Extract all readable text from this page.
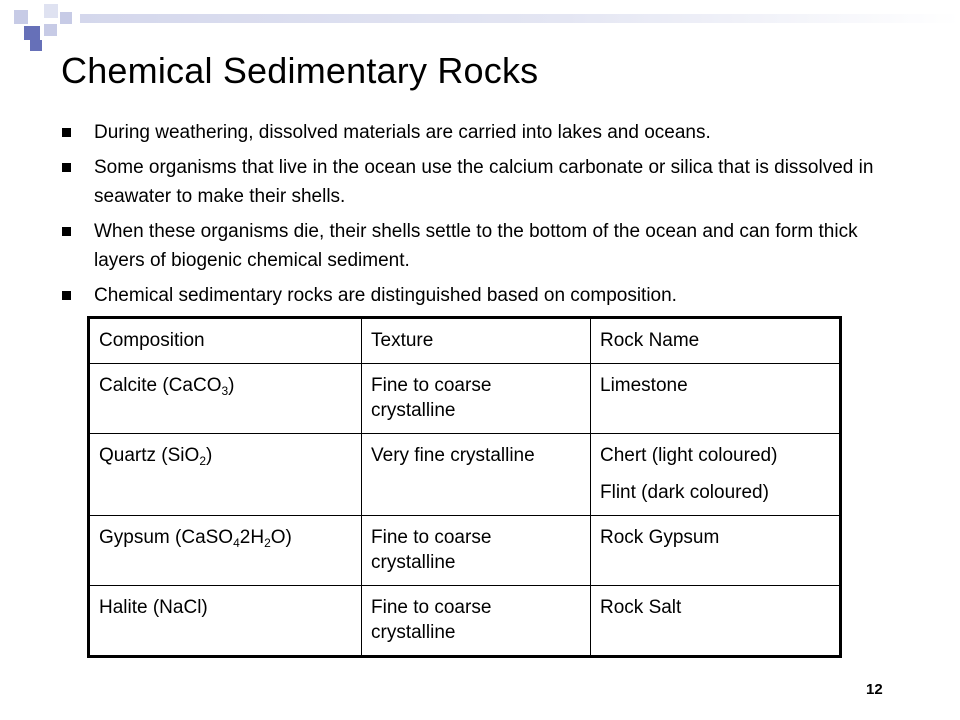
Chemical Sedimentary Rocks
During weathering, dissolved materials are carried into lakes and oceans.
Some organisms that live in the ocean use the calcium carbonate or silica that is dissolved in seawater to make their shells.
When these organisms die, their shells settle to the bottom of the ocean and can form thick layers of biogenic chemical sediment.
Chemical sedimentary rocks are distinguished based on composition.
Composition	Texture	Rock Name
Calcite (CaCO$_3$)	Fine to coarse crystalline	Limestone

Quartz (SiO$_2$)	Very fine crystalline	Chert (light coloured)
Flint (dark coloured)

Gypsum $(CaSO_42H_2O)$	Fine to coarse crystalline	Rock Gypsum

Halite (NaCl)	Fine to coarse crystalline	Rock Salt
12
